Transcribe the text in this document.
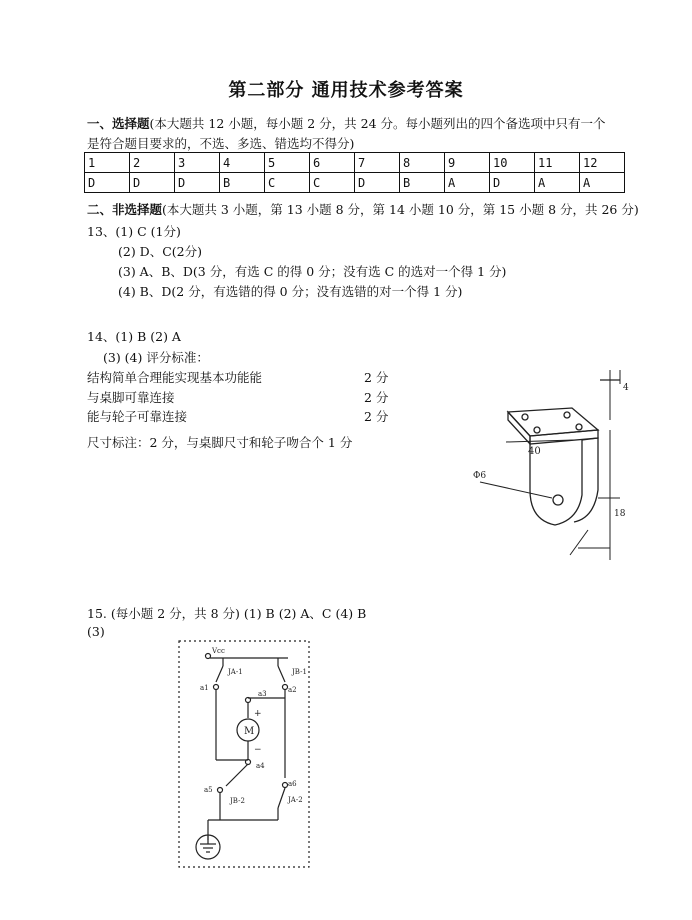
第二部分 通用技术参考答案
一、选择题(本大题共 12 小题，每小题 2 分，共 24 分。每小题列出的四个备选项中只有一个
是符合题目要求的，不选、多选、错选均不得分)
1	2	3	4	5	6	7	8	9	10	11	12
D	D	D	B	C	C	D	B	A	D	A	A
二、非选择题(本大题共 3 小题，第 13 小题 8 分，第 14 小题 10 分，第 15 小题 8 分，共 26 分)
13、(1) C (1分)
(2) D、C(2分)
(3) A、B、D(3 分，有选 C 的得 0 分；没有选 C 的选对一个得 1 分)
(4) B、D(2 分，有选错的得 0 分；没有选错的对一个得 1 分)
14、(1) B (2) A
(3) (4) 评分标准：
结构简单合理能实现基本功能能	2 分
与桌脚可靠连接	2 分
能与轮子可靠连接	2 分
尺寸标注：2 分，与桌脚尺寸和轮子吻合个 1 分
4
40
Φ6
18
15. (每小题 2 分，共 8 分) (1) B (2) A、C (4) B
(3)
Vcc
JA-1
a1
JB-1
a2
a3
+
M
−
a4
a5
JB-2
a6
JA-2
